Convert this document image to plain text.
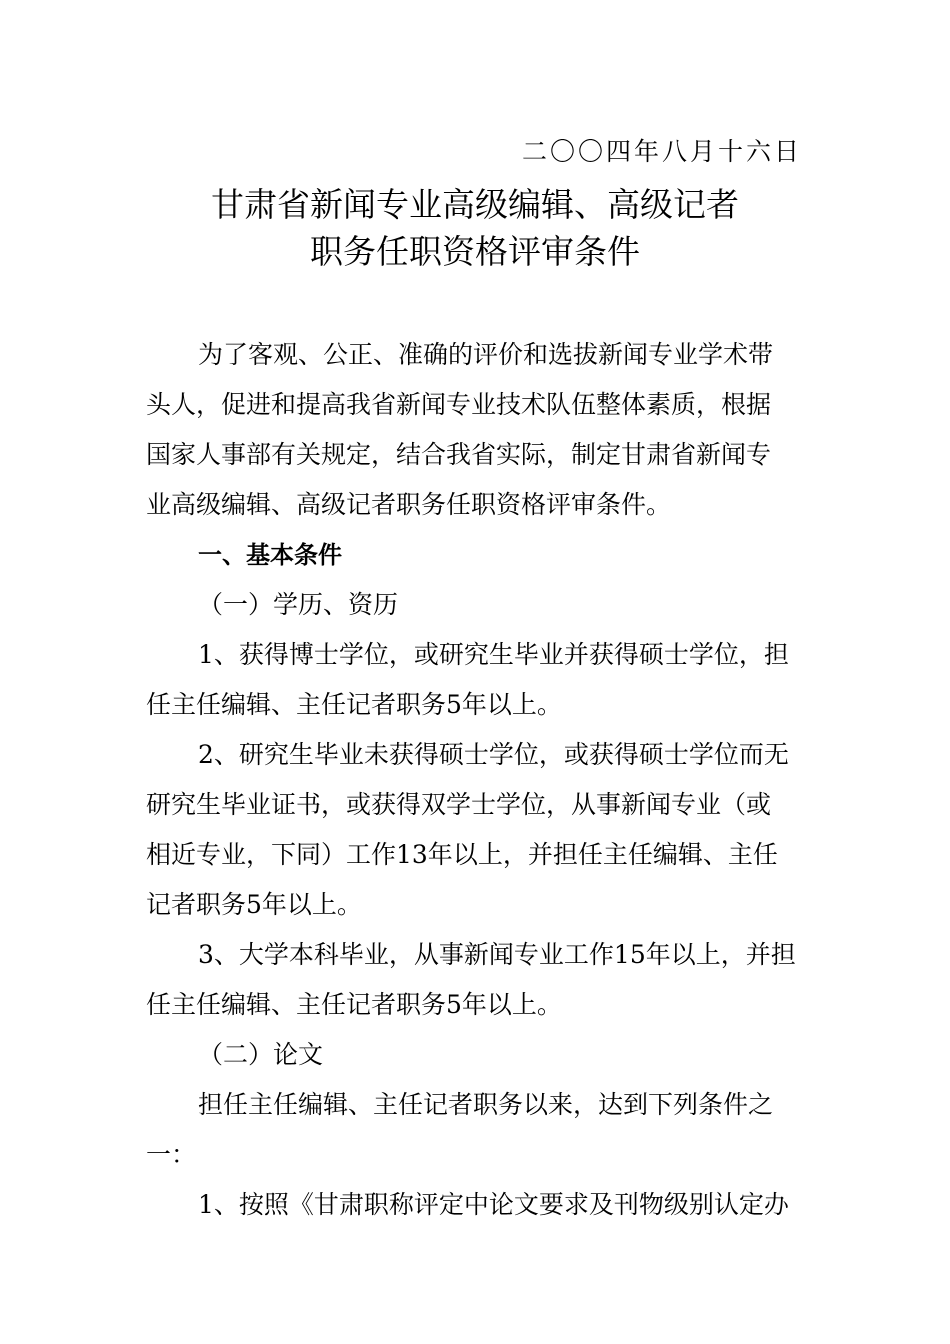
二〇〇四年八月十六日
甘肃省新闻专业高级编辑、高级记者
职务任职资格评审条件
为了客观、公正、准确的评价和选拔新闻专业学术带
头人，促进和提高我省新闻专业技术队伍整体素质，根据
国家人事部有关规定，结合我省实际，制定甘肃省新闻专
业高级编辑、高级记者职务任职资格评审条件。
一、基本条件
（一）学历、资历
1、获得博士学位，或研究生毕业并获得硕士学位，担
任主任编辑、主任记者职务5年以上。
2、研究生毕业未获得硕士学位，或获得硕士学位而无
研究生毕业证书，或获得双学士学位，从事新闻专业（或
相近专业，下同）工作13年以上，并担任主任编辑、主任
记者职务5年以上。
3、大学本科毕业，从事新闻专业工作15年以上，并担
任主任编辑、主任记者职务5年以上。
（二）论文
担任主任编辑、主任记者职务以来，达到下列条件之
一：
1、按照《甘肃职称评定中论文要求及刊物级别认定办
